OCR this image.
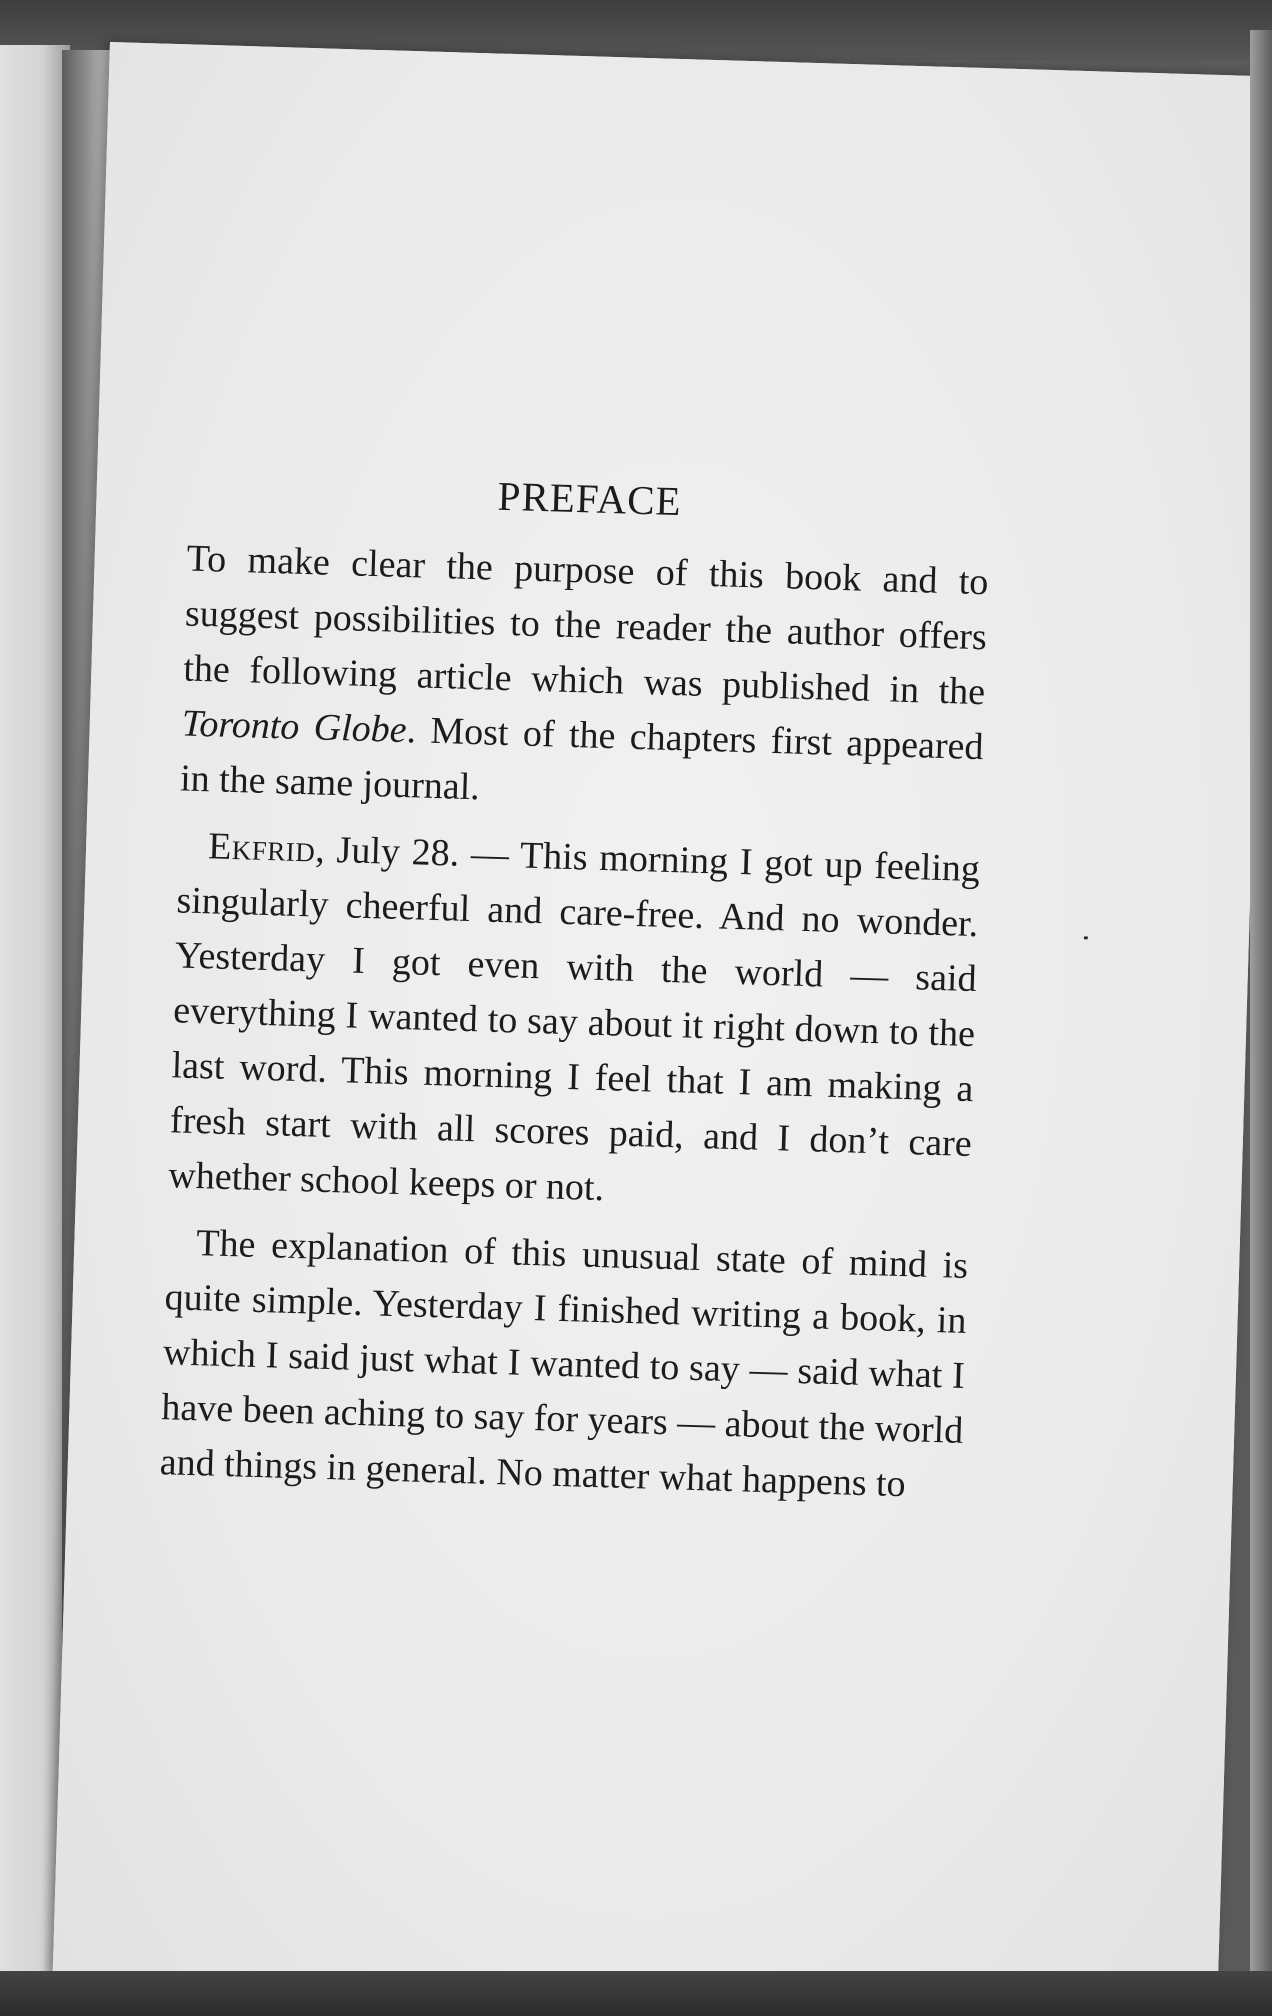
PREFACE

To make clear the purpose of this book and to suggest possibilities to the reader the author offers the following article which was published in the Toronto Globe. Most of the chapters first appeared in the same journal.

Ekfrid, July 28. — This morning I got up feeling singularly cheerful and care-free. And no wonder. Yesterday I got even with the world — said everything I wanted to say about it right down to the last word. This morning I feel that I am making a fresh start with all scores paid, and I don’t care whether school keeps or not.

The explanation of this unusual state of mind is quite simple. Yesterday I finished writing a book, in which I said just what I wanted to say — said what I have been aching to say for years — about the world and things in general. No matter what happens to
